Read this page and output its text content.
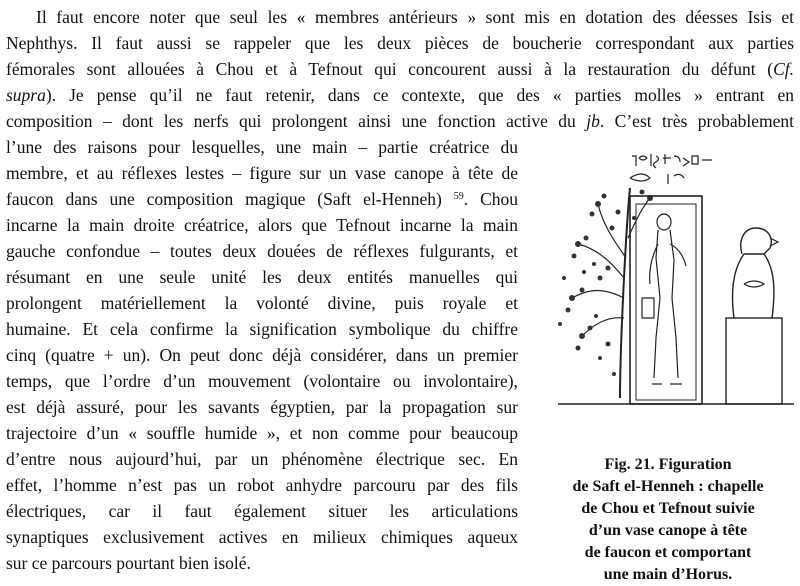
Il faut encore noter que seul les « membres antérieurs » sont mis en dotation des déesses Isis et
Nephthys. Il faut aussi se rappeler que les deux pièces de boucherie correspondant aux parties
fémorales sont allouées à Chou et à Tefnout qui concourent aussi à la restauration du défunt (Cf.
supra). Je pense qu’il ne faut retenir, dans ce contexte, que des « parties molles » entrant en
composition – dont les nerfs qui prolongent ainsi une fonction active du jb. C’est très probablement
l’une des raisons pour lesquelles, une main – partie créatrice du
membre, et au réflexes lestes – figure sur un vase canope à tête de
faucon dans une composition magique (Saft el-Henneh) $^{59}$. Chou
incarne la main droite créatrice, alors que Tefnout incarne la main
gauche confondue – toutes deux douées de réflexes fulgurants, et
résumant en une seule unité les deux entités manuelles qui
prolongent matériellement la volonté divine, puis royale et
humaine. Et cela confirme la signification symbolique du chiffre
cinq (quatre + un). On peut donc déjà considérer, dans un premier
temps, que l’ordre d’un mouvement (volontaire ou involontaire),
est déjà assuré, pour les savants égyptien, par la propagation sur
trajectoire d’un « souffle humide », et non comme pour beaucoup
d’entre nous aujourd’hui, par un phénomène électrique sec. En
effet, l’homme n’est pas un robot anhydre parcouru par des fils
électriques, car il faut également situer les articulations
synaptiques exclusivement actives en milieux chimiques aqueux
sur ce parcours pourtant bien isolé.
Fig. 21. Figuration
de Saft el-Henneh : chapelle
de Chou et Tefnout suivie
d’un vase canope à tête
de faucon et comportant
une main d’Horus.
